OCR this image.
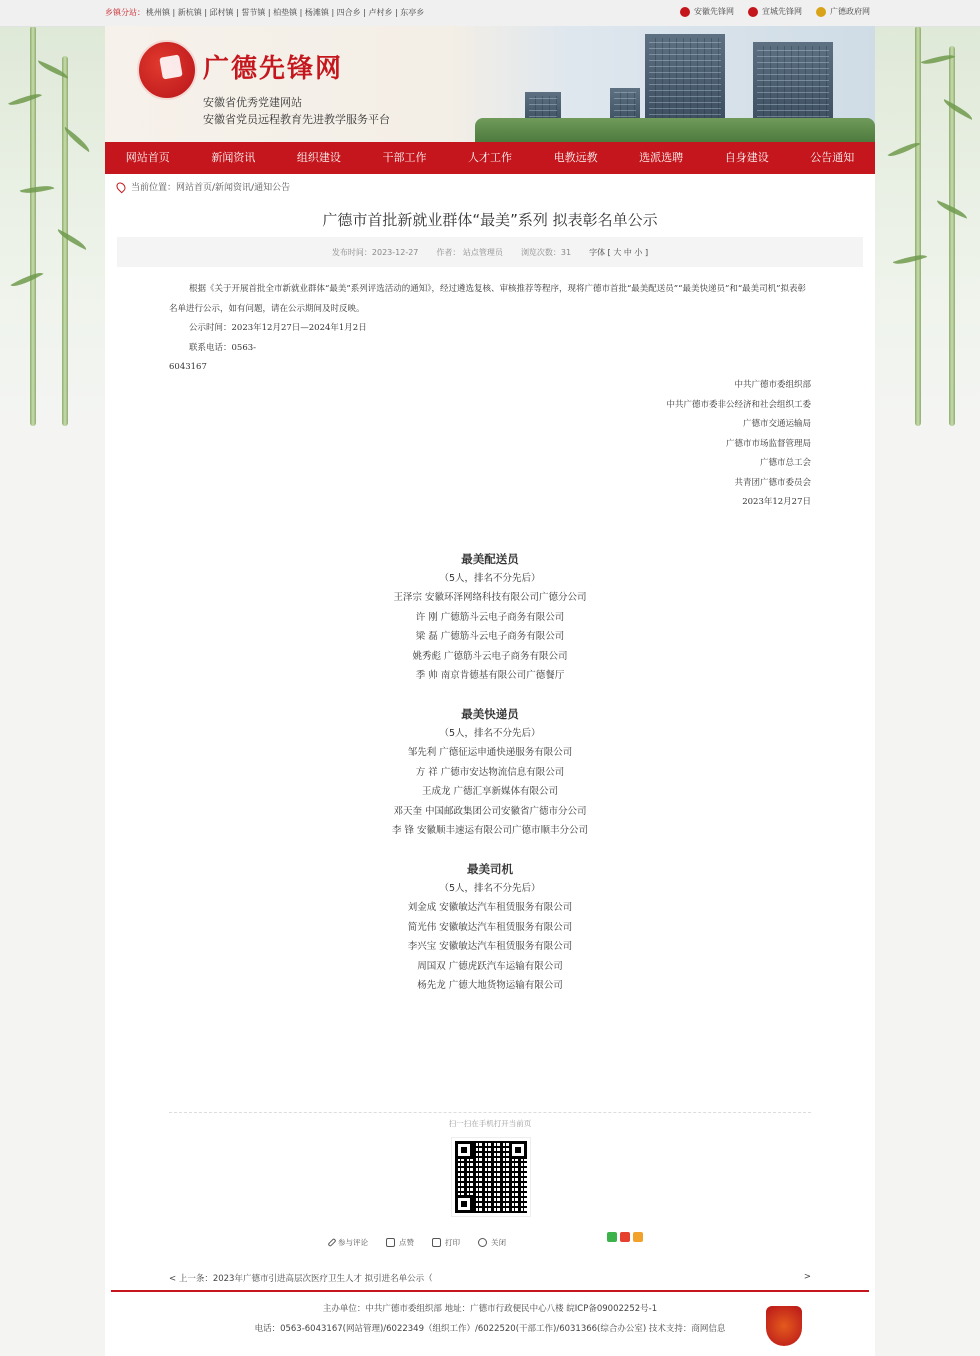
乡镇分站： 桃州镇 | 新杭镇 | 邱村镇 | 誓节镇 | 柏垫镇 | 杨滩镇 | 四合乡 | 卢村乡 | 东亭乡	安徽先锋网	宣城先锋网	广德政府网
广德先锋网
安徽省优秀党建网站
安徽省党员远程教育先进教学服务平台
网站首页	新闻资讯	组织建设	干部工作	人才工作	电教远教	选派选聘	自身建设	公告通知
当前位置：网站首页/新闻资讯/通知公告
广德市首批新就业群体“最美”系列 拟表彰名单公示
发布时间：2023-12-27 作者： 站点管理员 浏览次数：31 字体 [ 大 中 小 ]

根据《关于开展首批全市新就业群体“最美”系列评选活动的通知》，经过遴选复核、审核推荐等程序，现将广德市首批“最美配送员”“最美快递员”和“最美司机”拟表彰名单进行公示，如有问题，请在公示期间及时反映。

公示时间：2023年12月27日—2024年1月2日

联系电话：0563-

6043167

中共广德市委组织部
中共广德市委非公经济和社会组织工委
广德市交通运输局
广德市市场监督管理局
广德市总工会
共青团广德市委员会
2023年12月27日
最美配送员
（5人，排名不分先后）
王泽宗 安徽环泽网络科技有限公司广德分公司
许 刚 广德筋斗云电子商务有限公司
梁 磊 广德筋斗云电子商务有限公司
姚秀彪 广德筋斗云电子商务有限公司
季 帅 南京肯德基有限公司广德餐厅
最美快递员
（5人，排名不分先后）
邹先利 广德征运申通快递服务有限公司
方 祥 广德市安达物流信息有限公司
王成龙 广德汇享新媒体有限公司
邓天奎 中国邮政集团公司安徽省广德市分公司
李 锋 安徽顺丰速运有限公司广德市顺丰分公司
最美司机
（5人，排名不分先后）
刘金成 安徽敏达汽车租赁服务有限公司
简光伟 安徽敏达汽车租赁服务有限公司
李兴宝 安徽敏达汽车租赁服务有限公司
周国双 广德虎跃汽车运输有限公司
杨先龙 广德大地货物运输有限公司
扫一扫在手机打开当前页
参与评论	点赞	打印	关闭
< 上一条：2023年广德市引进高层次医疗卫生人才 拟引进名单公示（	>
主办单位：中共广德市委组织部 地址：广德市行政便民中心八楼 皖ICP备09002252号-1
电话：0563-6043167(网站管理)/6022349（组织工作）/6022520(干部工作)/6031366(综合办公室) 技术支持：商网信息
